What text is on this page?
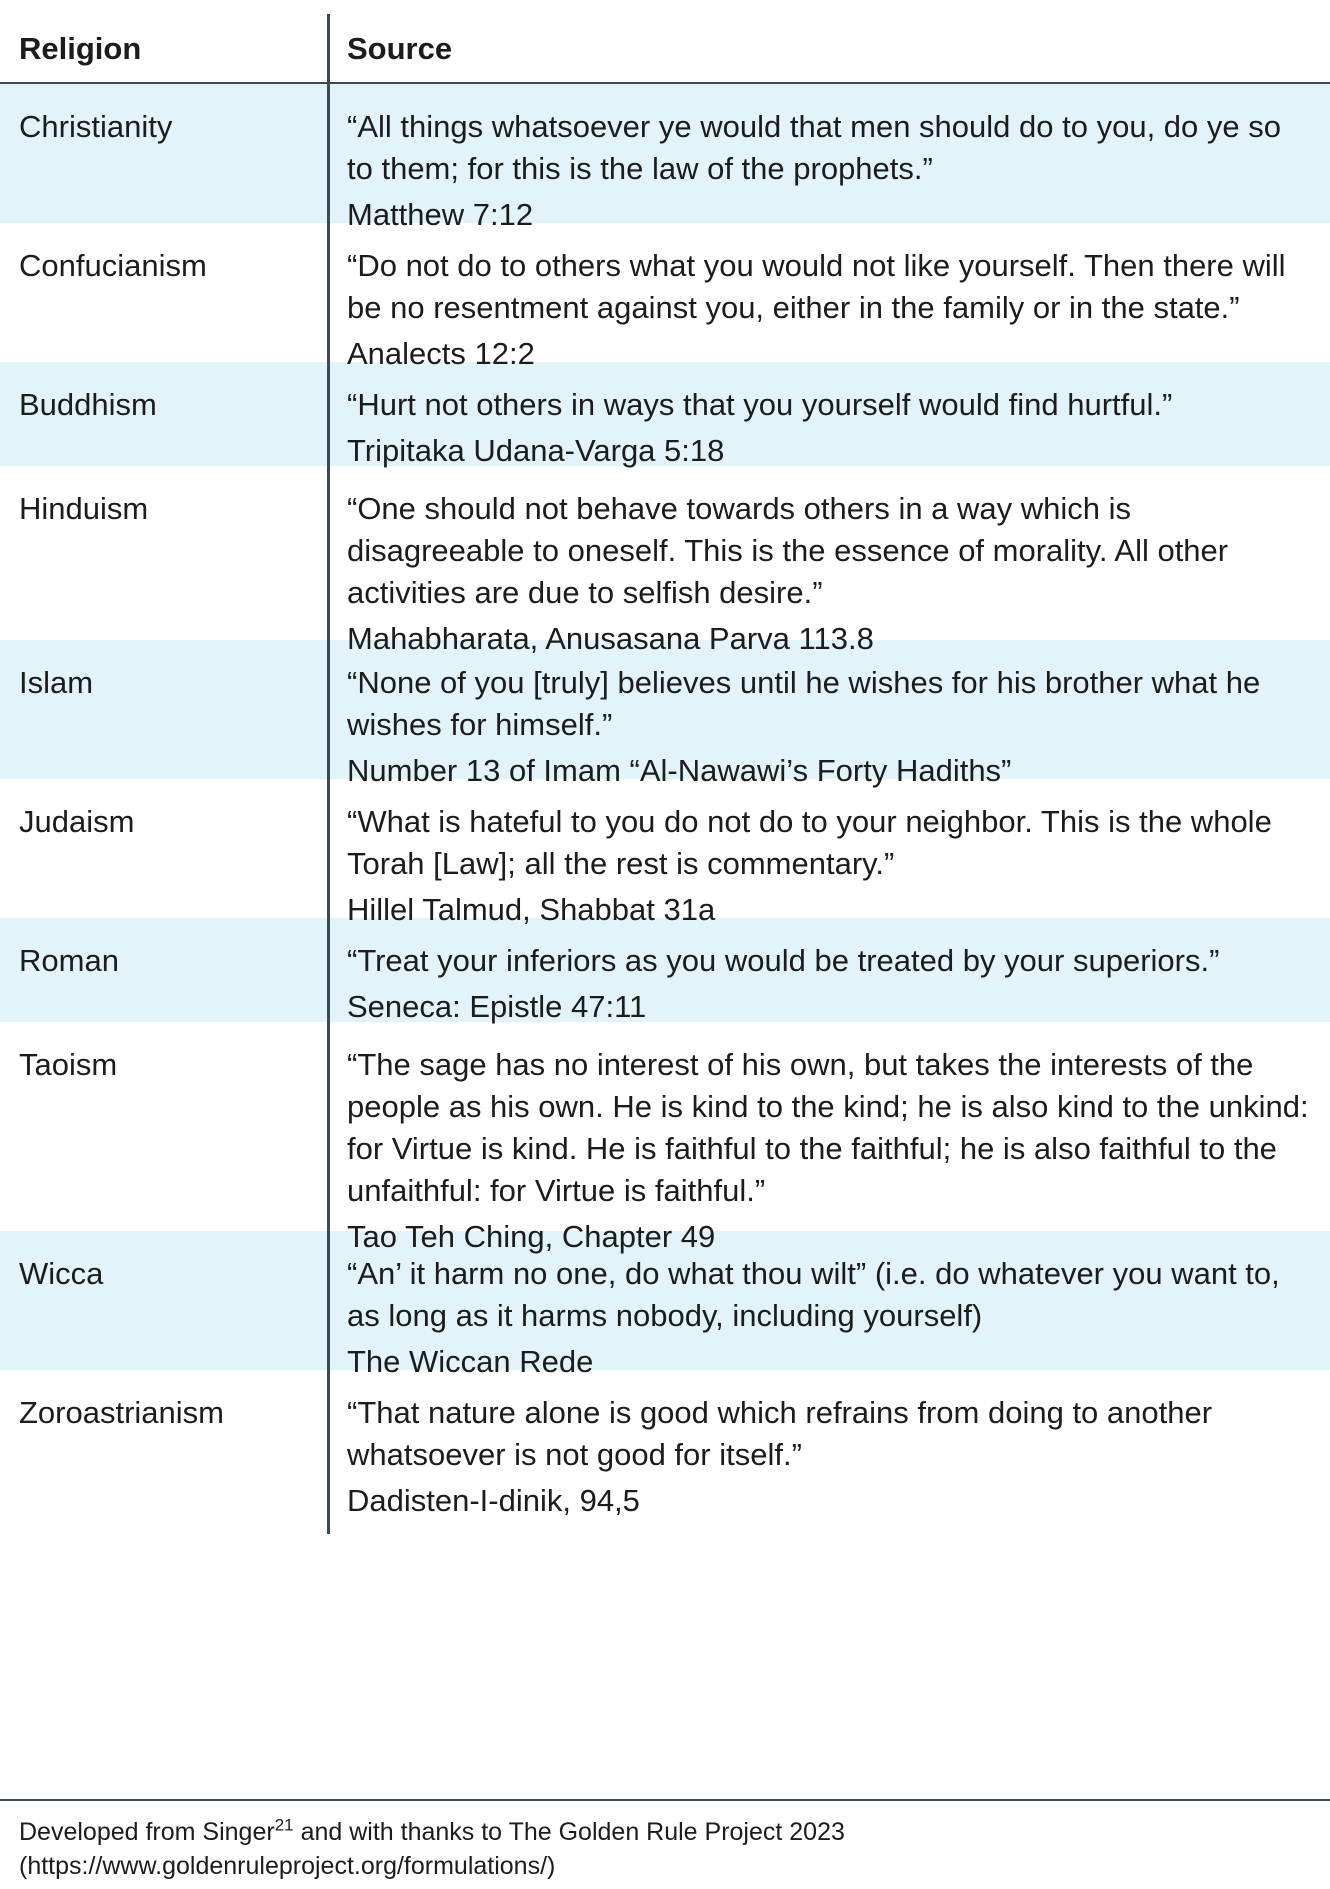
Religion	Source
Christianity	“All things whatsoever ye would that men should do to you, do ye so to them; for this is the law of the prophets.”
Matthew 7:12
Confucianism	“Do not do to others what you would not like yourself. Then there will be no resentment against you, either in the family or in the state.”
Analects 12:2
Buddhism	“Hurt not others in ways that you yourself would find hurtful.”
Tripitaka Udana-Varga 5:18
Hinduism	“One should not behave towards others in a way which is disagreeable to oneself. This is the essence of morality. All other activities are due to selfish desire.”
Mahabharata, Anusasana Parva 113.8
Islam	“None of you [truly] believes until he wishes for his brother what he wishes for himself.”
Number 13 of Imam “Al-Nawawi’s Forty Hadiths”
Judaism	“What is hateful to you do not do to your neighbor. This is the whole Torah [Law]; all the rest is commentary.”
Hillel Talmud, Shabbat 31a
Roman	“Treat your inferiors as you would be treated by your superiors.”
Seneca: Epistle 47:11
Taoism	“The sage has no interest of his own, but takes the interests of the people as his own. He is kind to the kind; he is also kind to the unkind: for Virtue is kind. He is faithful to the faithful; he is also faithful to the unfaithful: for Virtue is faithful.”
Tao Teh Ching, Chapter 49
Wicca	“An’ it harm no one, do what thou wilt” (i.e. do whatever you want to, as long as it harms nobody, including yourself)
The Wiccan Rede
Zoroastrianism	“That nature alone is good which refrains from doing to another whatsoever is not good for itself.”
Dadisten-I-dinik, 94,5
Developed from Singer$^{21}$ and with thanks to The Golden Rule Project 2023 (https://www.goldenruleproject.org/formulations/)
